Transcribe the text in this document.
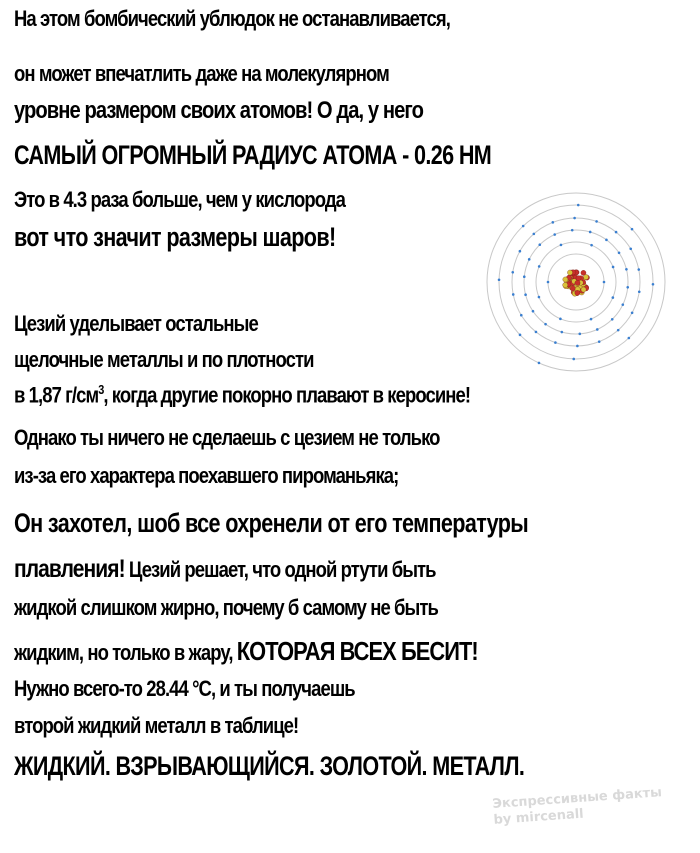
На этом бомбический ублюдок не останавливается,

он может впечатлить даже на молекулярном

уровне размером своих атомов! О да, у него

САМЫЙ ОГРОМНЫЙ РАДИУС АТОМА - 0.26 НМ

Это в 4.3 раза больше, чем у кислорода

вот что значит размеры шаров!

Цезий уделывает остальные

щелочные металлы и по плотности

в 1,87 $г/см^3$, когда другие покорно плавают в керосине!

Однако ты ничего не сделаешь с цезием не только

из-за его характера поехавшего пироманьяка;

Он захотел, шоб все охренели от его температуры

плавления! Цезий решает, что одной ртути быть

жидкой слишком жирно, почему б самому не быть

жидким, но только в жару, КОТОРАЯ ВСЕХ БЕСИТ!

Нужно всего-то 28.44 °С, и ты получаешь

второй жидкий металл в таблице!

ЖИДКИЙ. ВЗРЫВАЮЩИЙСЯ. ЗОЛОТОЙ. МЕТАЛЛ.

Экспрессивные факты
by mircenall
